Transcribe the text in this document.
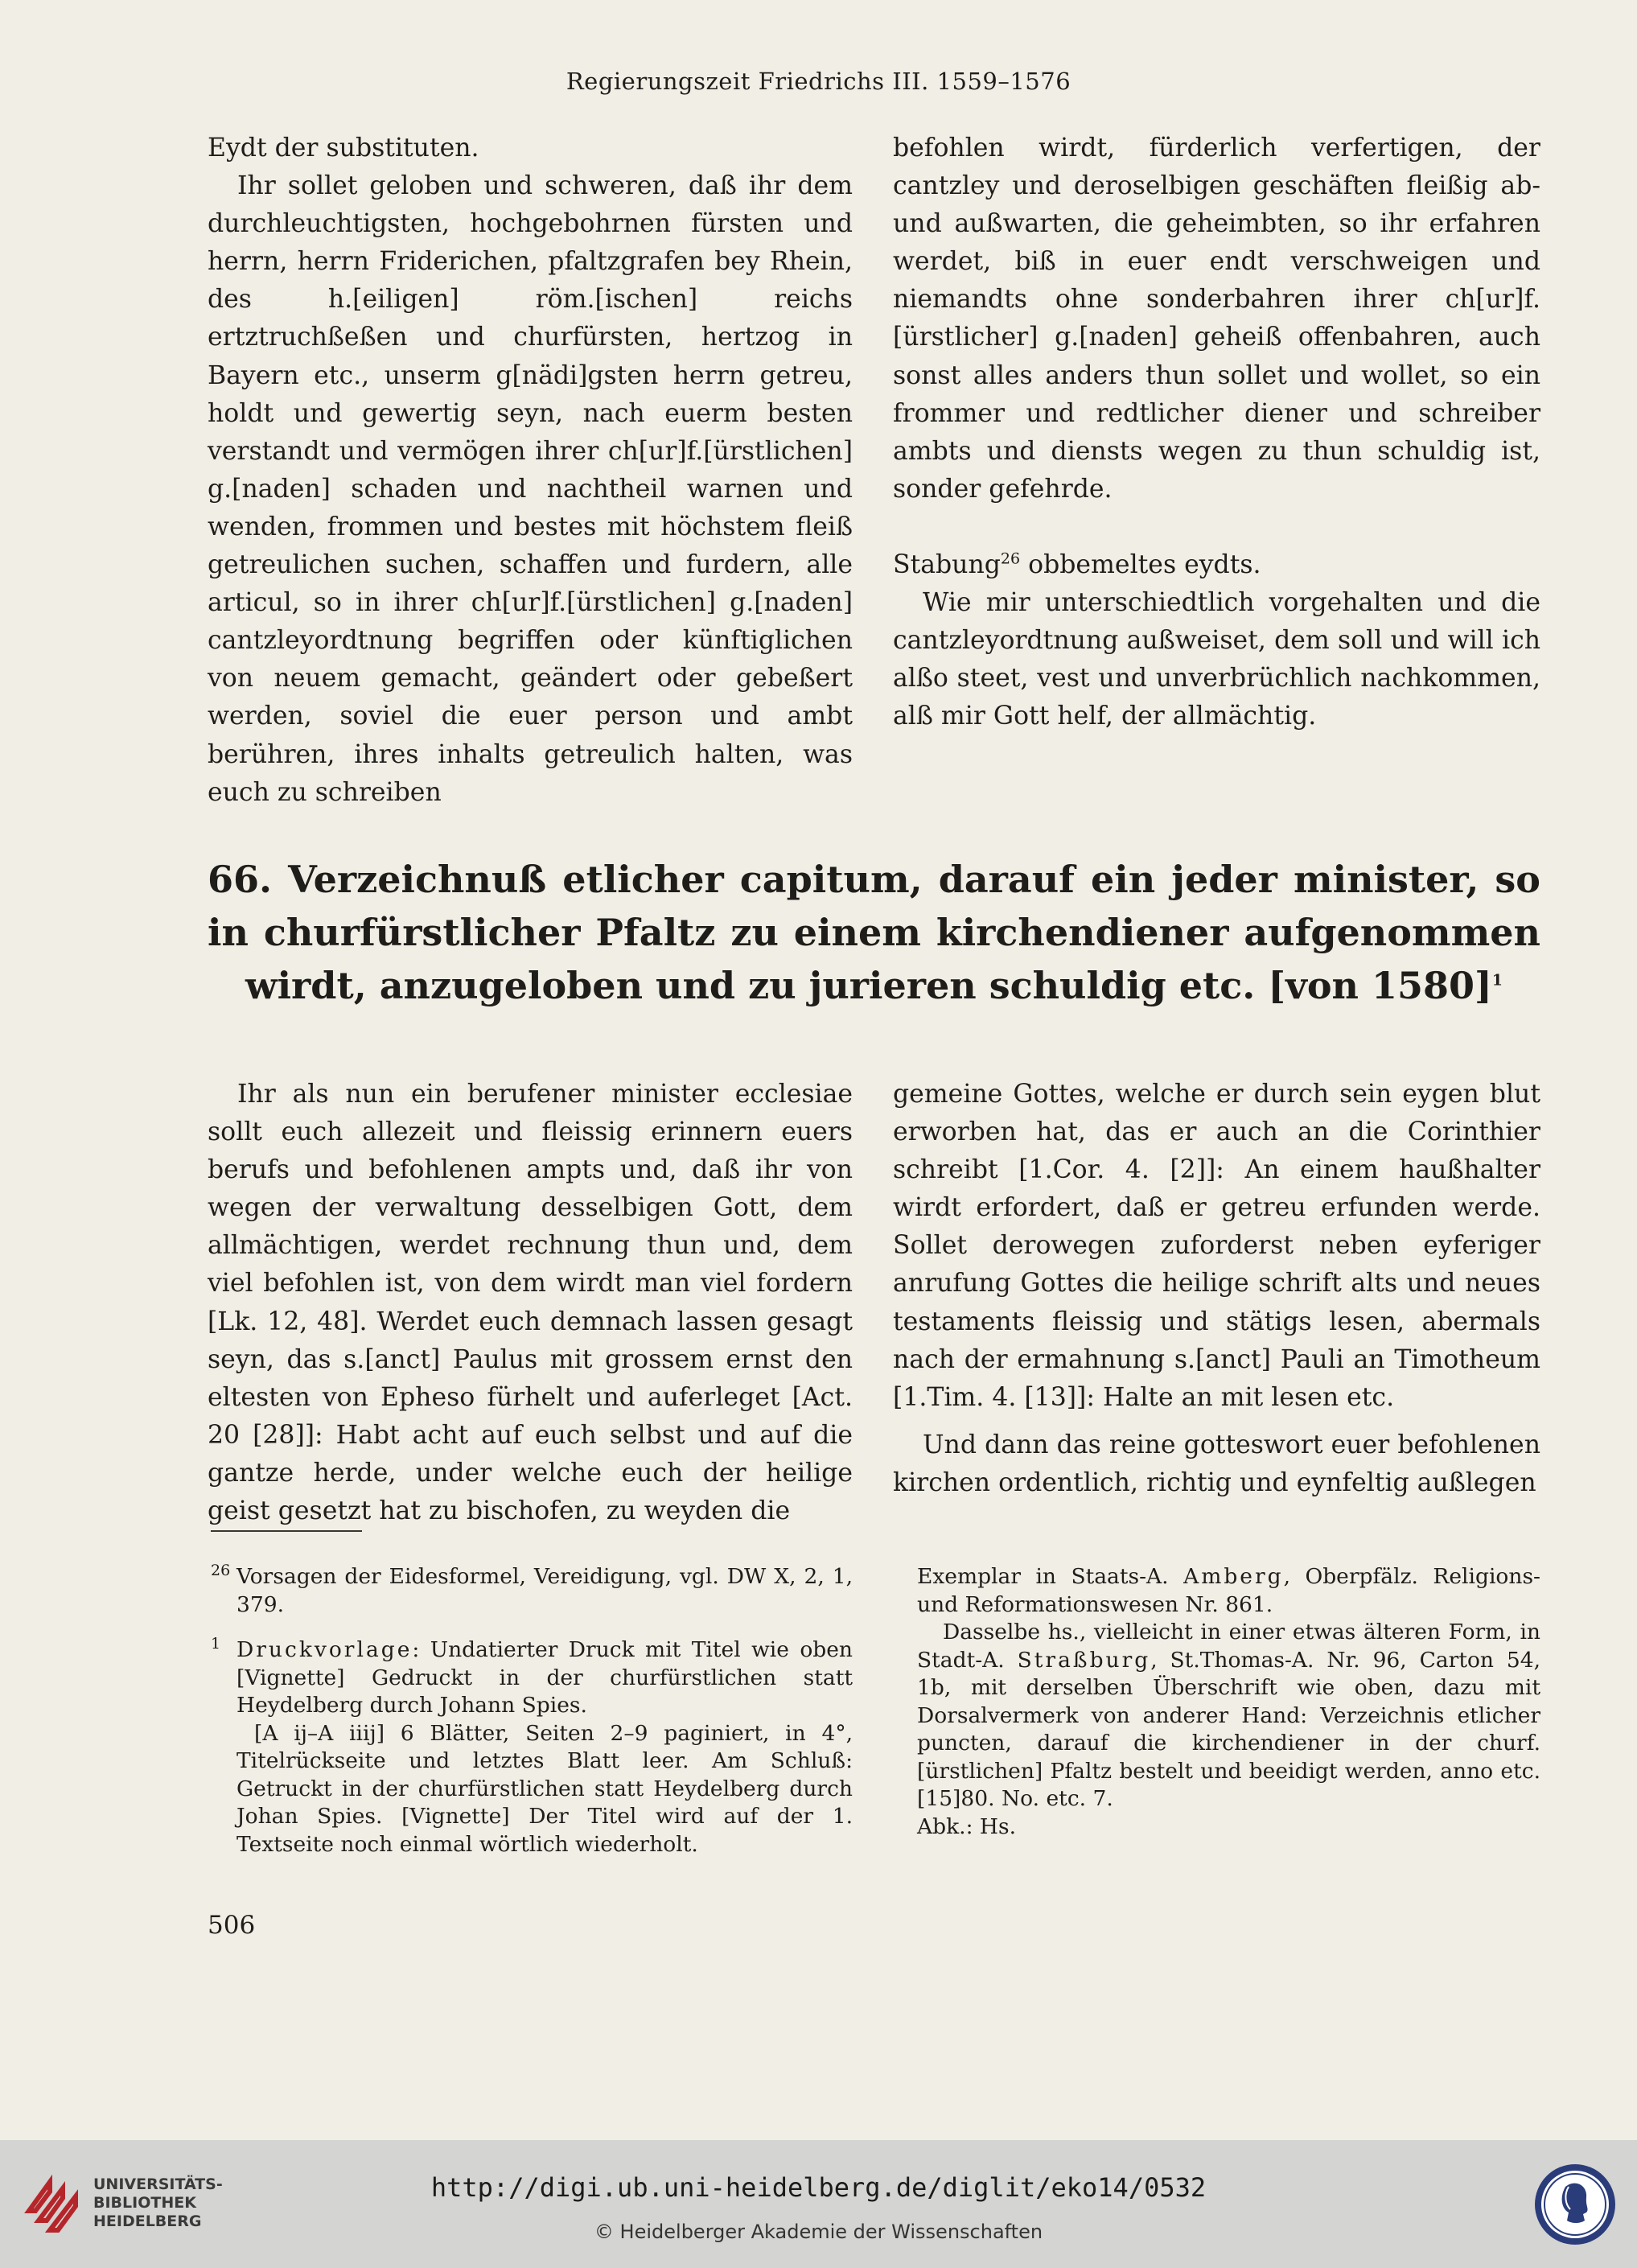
Regierungszeit Friedrichs III. 1559–1576

Eydt der substituten.

Ihr sollet geloben und schweren, daß ihr dem durchleuchtigsten, hochgebohrnen fürsten und herrn, herrn Friderichen, pfaltzgrafen bey Rhein, des h.[eiligen] röm.[ischen] reichs ertztruchßeßen und churfürsten, hertzog in Bayern etc., unserm g[nädi]gsten herrn getreu, holdt und gewertig seyn, nach euerm besten verstandt und vermögen ihrer ch[ur]f.[ürstlichen] g.[naden] schaden und nachtheil warnen und wenden, frommen und bestes mit höchstem fleiß getreulichen suchen, schaffen und furdern, alle articul, so in ihrer ch[ur]f.[ürstlichen] g.[naden] cantzleyordtnung begriffen oder künftiglichen von neuem gemacht, geändert oder gebeßert werden, soviel die euer person und ambt berühren, ihres inhalts getreulich halten, was euch zu schreiben

befohlen wirdt, fürderlich verfertigen, der cantzley und deroselbigen geschäften fleißig ab- und außwarten, die geheimbten, so ihr erfahren werdet, biß in euer endt verschweigen und niemandts ohne sonderbahren ihrer ch[ur]f.[ürstlicher] g.[naden] geheiß offenbahren, auch sonst alles anders thun sollet und wollet, so ein frommer und redtlicher diener und schreiber ambts und diensts wegen zu thun schuldig ist, sonder gefehrde.

Stabung$^{26}$ obbemeltes eydts.

Wie mir unterschiedtlich vorgehalten und die cantzleyordtnung außweiset, dem soll und will ich alßo steet, vest und unverbrüchlich nachkommen, alß mir Gott helf, der allmächtig.

66. Verzeichnuß etlicher capitum, darauf ein jeder minister, so in churfürstlicher Pfaltz zu einem kirchendiener aufgenommen wirdt, anzugeloben und zu jurieren schuldig etc. [von 1580]$^1$

Ihr als nun ein berufener minister ecclesiae sollt euch allezeit und fleissig erinnern euers berufs und befohlenen ampts und, daß ihr von wegen der verwaltung desselbigen Gott, dem allmächtigen, werdet rechnung thun und, dem viel befohlen ist, von dem wirdt man viel fordern [Lk. 12, 48]. Werdet euch demnach lassen gesagt seyn, das s.[anct] Paulus mit grossem ernst den eltesten von Epheso fürhelt und auferleget [Act. 20 [28]]: Habt acht auf euch selbst und auf die gantze herde, under welche euch der heilige geist gesetzt hat zu bischofen, zu weyden die

gemeine Gottes, welche er durch sein eygen blut erworben hat, das er auch an die Corinthier schreibt [1.Cor. 4. [2]]: An einem haußhalter wirdt erfordert, daß er getreu erfunden werde. Sollet derowegen zuforderst neben eyferiger anrufung Gottes die heilige schrift alts und neues testaments fleissig und stätigs lesen, abermals nach der ermahnung s.[anct] Pauli an Timotheum [1.Tim. 4. [13]]: Halte an mit lesen etc.

Und dann das reine gotteswort euer befohlenen kirchen ordentlich, richtig und eynfeltig außlegen

$^{26}$ Vorsagen der Eidesformel, Vereidigung, vgl. DW X, 2, 1, 379.

$^1$ Druckvorlage: Undatierter Druck mit Titel wie oben [Vignette] Gedruckt in der churfürstlichen statt Heydelberg durch Johann Spies.

[A ij–A iiij] 6 Blätter, Seiten 2–9 paginiert, in 4°, Titelrückseite und letztes Blatt leer. Am Schluß: Getruckt in der churfürstlichen statt Heydelberg durch Johan Spies. [Vignette] Der Titel wird auf der 1. Textseite noch einmal wörtlich wiederholt.

Exemplar in Staats-A. Amberg, Oberpfälz. Religions- und Reformationswesen Nr. 861.

Dasselbe hs., vielleicht in einer etwas älteren Form, in Stadt-A. Straßburg, St.Thomas-A. Nr. 96, Carton 54, 1b, mit derselben Überschrift wie oben, dazu mit Dorsalvermerk von anderer Hand: Verzeichnis etlicher puncten, darauf die kirchendiener in der churf.[ürstlichen] Pfaltz bestelt und beeidigt werden, anno etc. [15]80. No. etc. 7.

Abk.: Hs.

506
UNIVERSITÄTS-
BIBLIOTHEK
HEIDELBERG
http://digi.ub.uni-heidelberg.de/diglit/eko14/0532
© Heidelberger Akademie der Wissenschaften
